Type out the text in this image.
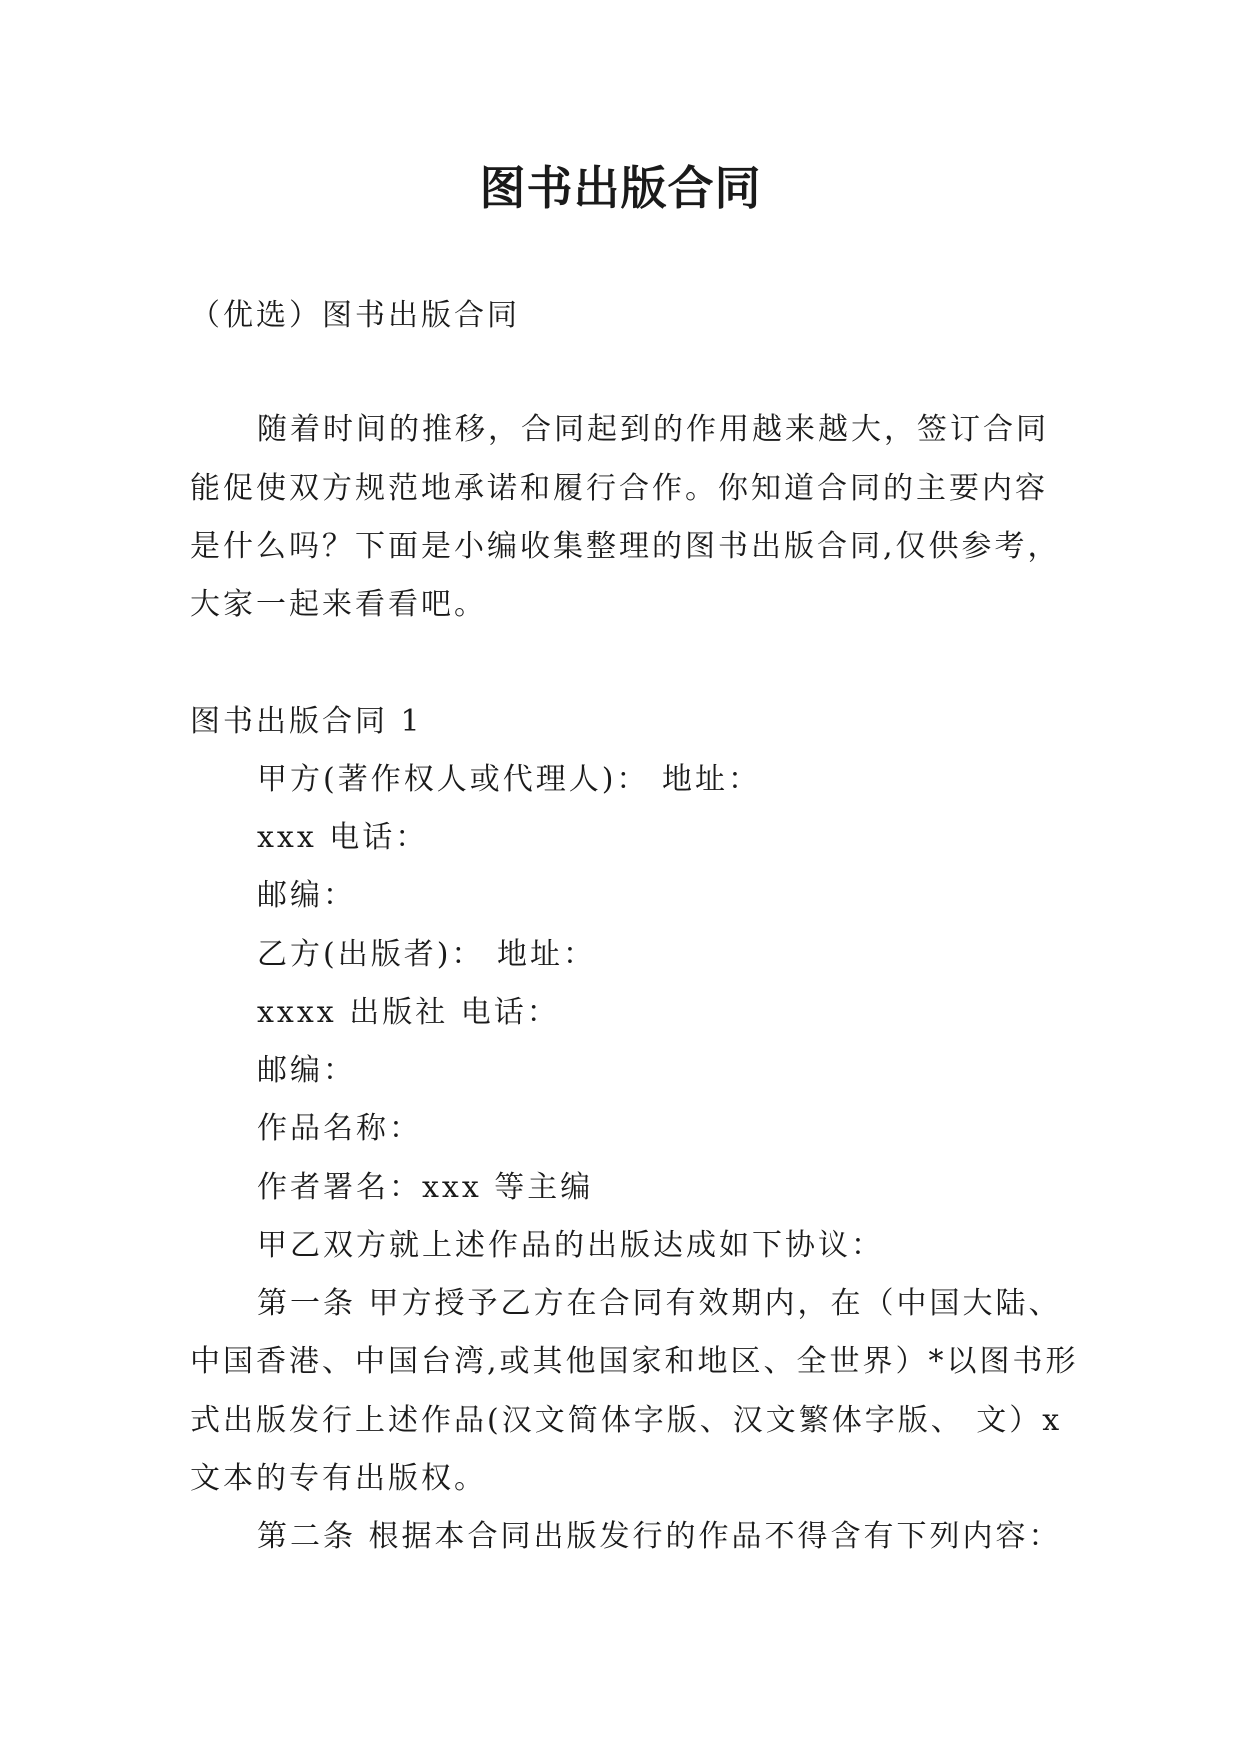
图书出版合同
（优选）图书出版合同
随着时间的推移，合同起到的作用越来越大，签订合同
能促使双方规范地承诺和履行合作。你知道合同的主要内容
是什么吗？下面是小编收集整理的图书出版合同,仅供参考，
大家一起来看看吧。
图书出版合同 1
甲方(著作权人或代理人)： 地址：
xxx 电话：
邮编：
乙方(出版者)： 地址：
xxxx 出版社 电话：
邮编：
作品名称：
作者署名：xxx 等主编
甲乙双方就上述作品的出版达成如下协议：
第一条 甲方授予乙方在合同有效期内，在（中国大陆、
中国香港、中国台湾,或其他国家和地区、全世界）*以图书形
式出版发行上述作品(汉文简体字版、汉文繁体字版、 文）x
文本的专有出版权。
第二条 根据本合同出版发行的作品不得含有下列内容：
